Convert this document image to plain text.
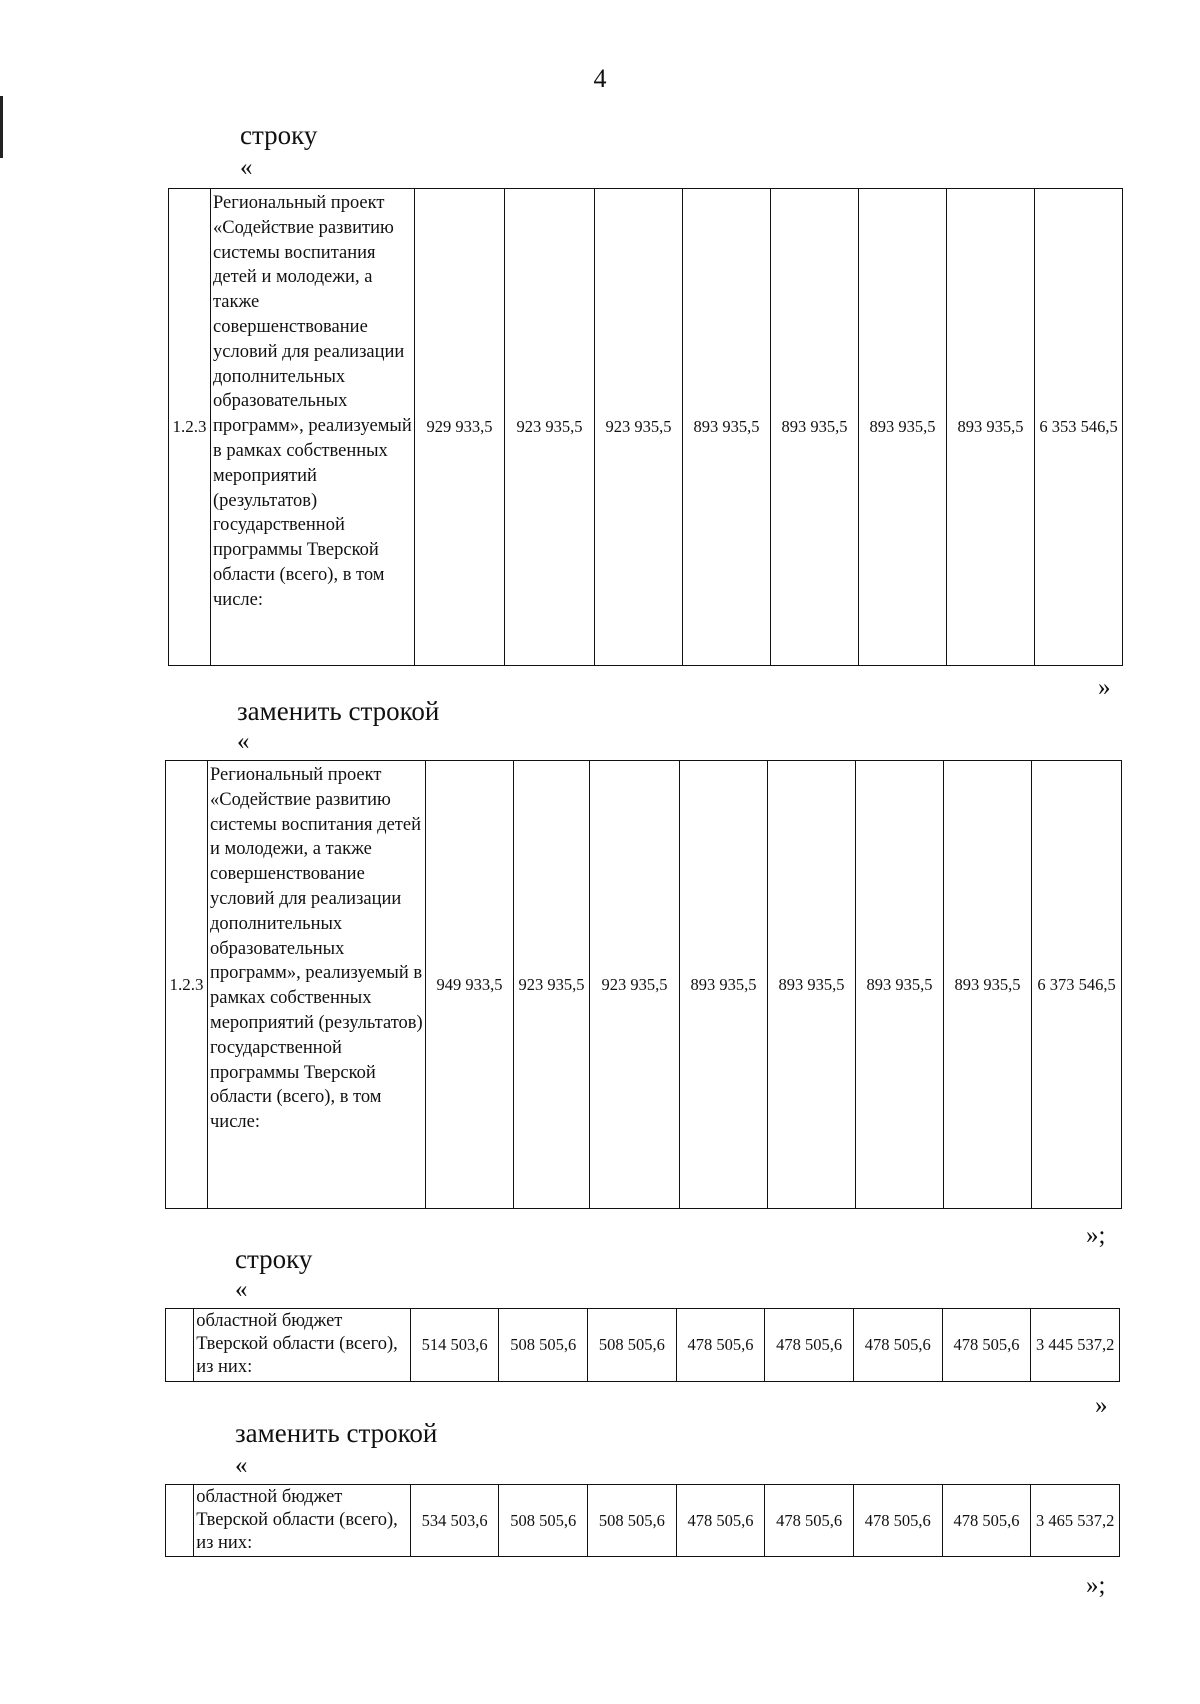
4
строку
«
1.2.3	Региональный проект «Содействие развитию системы воспитания детей и молодежи, а также совершенствование условий для реализации дополнительных образовательных программ», реализуемый в рамках собственных мероприятий (результатов) государственной программы Тверской области (всего), в том числе:	929 933,5	923 935,5	923 935,5	893 935,5	893 935,5	893 935,5	893 935,5	6 353 546,5
»
заменить строкой
«
1.2.3	Региональный проект «Содействие развитию системы воспитания детей и молодежи, а также совершенствование условий для реализации дополнительных образовательных программ», реализуемый в рамках собственных мероприятий (результатов) государственной программы Тверской области (всего), в том числе:	949 933,5	923 935,5	923 935,5	893 935,5	893 935,5	893 935,5	893 935,5	6 373 546,5
»;
строку
«
	областной бюджет Тверской области (всего), из них:	514 503,6	508 505,6	508 505,6	478 505,6	478 505,6	478 505,6	478 505,6	3 445 537,2
»
заменить строкой
«
	областной бюджет Тверской области (всего), из них:	534 503,6	508 505,6	508 505,6	478 505,6	478 505,6	478 505,6	478 505,6	3 465 537,2
»;
